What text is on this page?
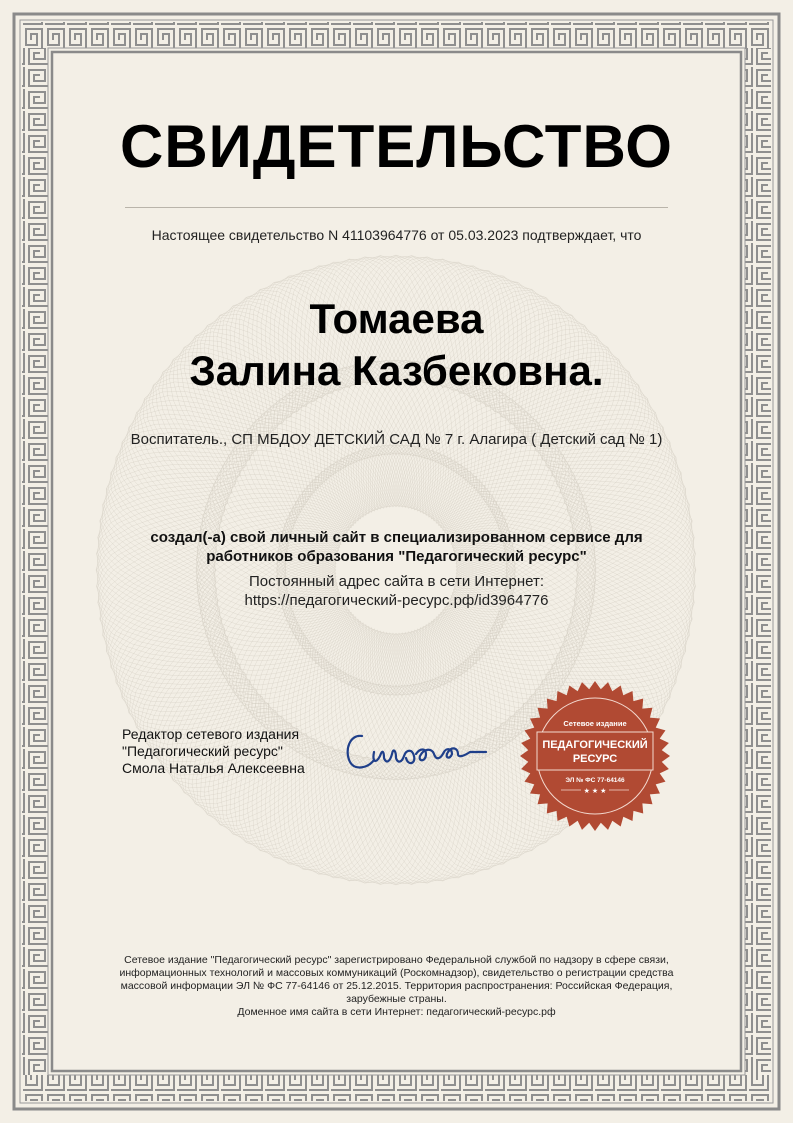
СВИДЕТЕЛЬСТВО
Настоящее свидетельство N 41103964776 от 05.03.2023 подтверждает, что
Томаева
Залина Казбековна.
Воспитатель., СП МБДОУ ДЕТСКИЙ САД № 7 г. Алагира ( Детский сад № 1)
создал(-а) свой личный сайт в специализированном сервисе для работников образования "Педагогический ресурс"
Постоянный адрес сайта в сети Интернет:
https://педагогический-ресурс.рф/id3964776
Редактор сетевого издания
"Педагогический ресурс"
Смола Наталья Алексеевна
Сетевое издание
ПЕДАГОГИЧЕСКИЙ
РЕСУРС
ЭЛ № ФС 77-64146
★ ★ ★
Сетевое издание "Педагогический ресурс" зарегистрировано Федеральной службой по надзору в сфере связи, информационных технологий и массовых коммуникаций (Роскомнадзор), свидетельство о регистрации средства массовой информации ЭЛ № ФС 77-64146 от 25.12.2015. Территория распространения: Российская Федерация, зарубежные страны.
Доменное имя сайта в сети Интернет: педагогический-ресурс.рф
